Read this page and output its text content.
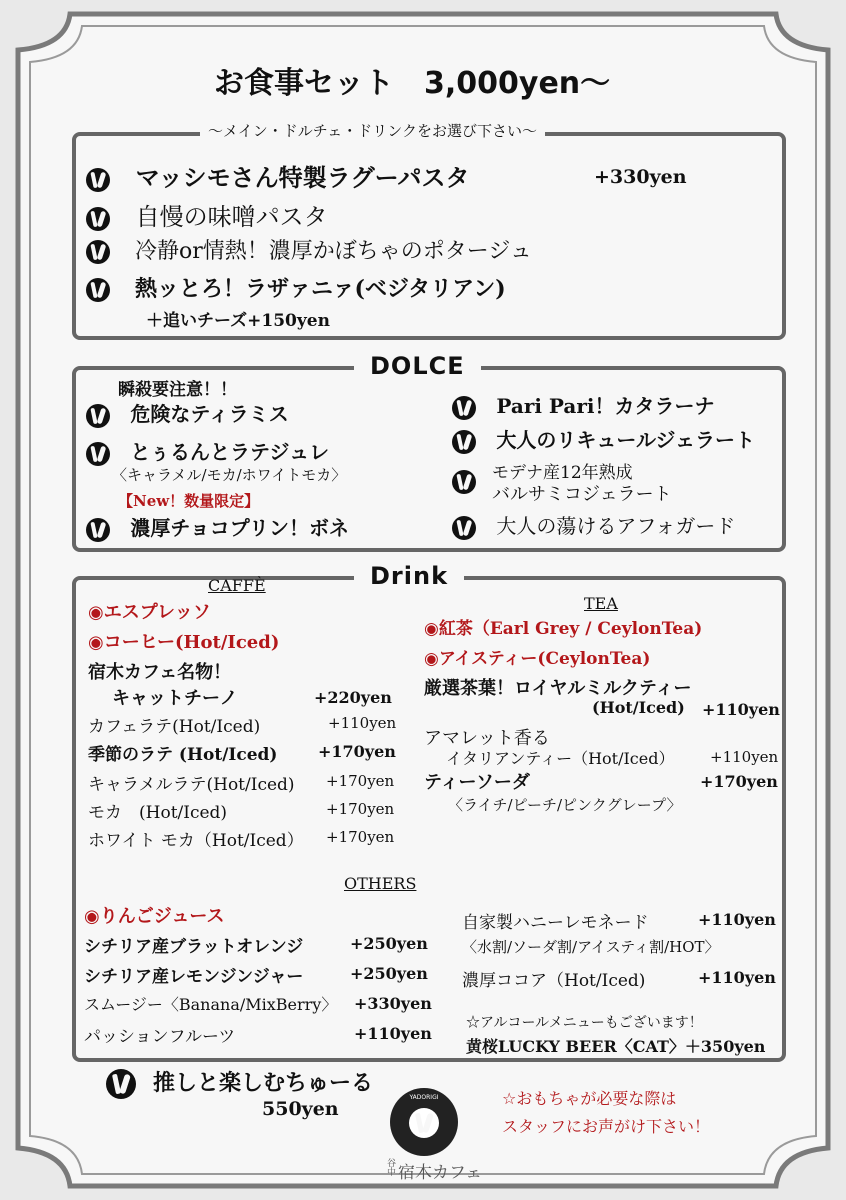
お食事セット　3,000yen〜
〜メイン・ドルチェ・ドリンクをお選び下さい〜
マッシモさん特製ラグーパスタ	+330yen
自慢の味噌パスタ
冷静or情熱！濃厚かぼちゃのポタージュ
熱ッとろ！ラザァニァ(ベジタリアン)
＋追いチーズ+150yen
DOLCE
瞬殺要注意！！
危険なティラミス
とぅるんとラテジュレ
〈キャラメル/モカ/ホワイトモカ〉
【New！数量限定】
濃厚チョコプリン！ボネ
Pari Pari！カタラーナ
大人のリキュールジェラート
モデナ産12年熟成
バルサミコジェラート
大人の蕩けるアフォガード
Drink
CAFFÈ
◉エスプレッソ
◉コーヒー(Hot/Iced)
宿木カフェ名物！
キャットチーノ	+220yen
カフェラテ(Hot/Iced)	+110yen
季節のラテ (Hot/Iced)	+170yen
キャラメルラテ(Hot/Iced) +170yen
モカ　(Hot/Iced)	+170yen
ホワイト モカ（Hot/Iced） +170yen
TEA
◉紅茶（Earl Grey / CeylonTea)
◉アイスティー(CeylonTea)
厳選茶葉！ロイヤルミルクティー
(Hot/Iced) +110yen
アマレット香る
イタリアンティー（Hot/Iced） +110yen
ティーソーダ	+170yen
〈ライチ/ピーチ/ピンクグレープ〉
OTHERS
◉りんごジュース
シチリア産ブラットオレンジ	+250yen
シチリア産レモンジンジャー	+250yen
スムージー〈Banana/MixBerry〉 +330yen
パッションフルーツ	+110yen
自家製ハニーレモネード	+110yen
〈水割/ソーダ割/アイスティ割/HOT〉
濃厚ココア（Hot/Iced)	+110yen
☆アルコールメニューもございます！
黄桜LUCKY BEER〈CAT〉＋350yen
推しと楽しむちゅーる
550yen
YADORIGI
谷中 宿木カフェ
☆おもちゃが必要な際は
スタッフにお声がけ下さい！
